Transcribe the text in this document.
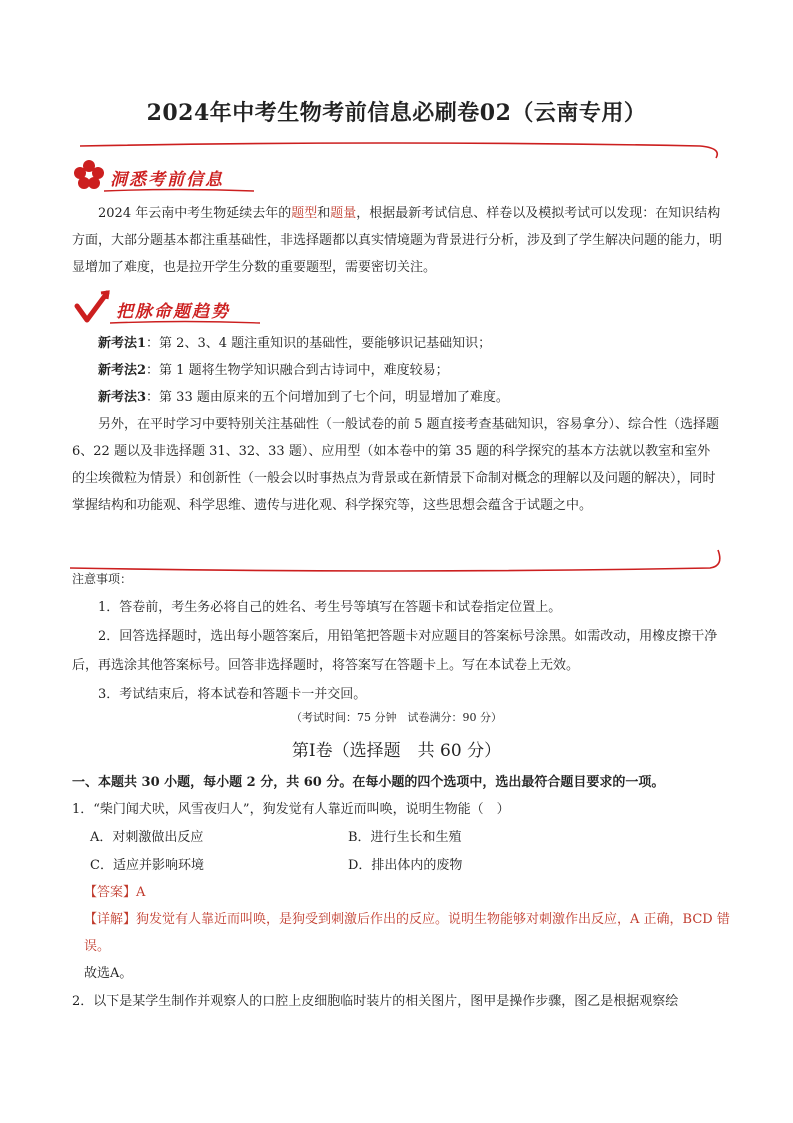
2024年中考生物考前信息必刷卷02（云南专用）
洞悉考前信息
2024 年云南中考生物延续去年的题型和题量，根据最新考试信息、样卷以及模拟考试可以发现：在知识结构方面，大部分题基本都注重基础性，非选择题都以真实情境题为背景进行分析，涉及到了学生解决问题的能力，明显增加了难度，也是拉开学生分数的重要题型，需要密切关注。
把脉命题趋势
新考法1：第 2、3、4 题注重知识的基础性，要能够识记基础知识；
新考法2：第 1 题将生物学知识融合到古诗词中，难度较易；
新考法3：第 33 题由原来的五个问增加到了七个问，明显增加了难度。
另外，在平时学习中要特别关注基础性（一般试卷的前 5 题直接考查基础知识，容易拿分）、综合性（选择题 6、22 题以及非选择题 31、32、33 题）、应用型（如本卷中的第 35 题的科学探究的基本方法就以教室和室外的尘埃微粒为情景）和创新性（一般会以时事热点为背景或在新情景下命制对概念的理解以及问题的解决），同时掌握结构和功能观、科学思维、遗传与进化观、科学探究等，这些思想会蕴含于试题之中。
注意事项：
1．答卷前，考生务必将自己的姓名、考生号等填写在答题卡和试卷指定位置上。
2．回答选择题时，选出每小题答案后，用铅笔把答题卡对应题目的答案标号涂黑。如需改动，用橡皮擦干净后，再选涂其他答案标号。回答非选择题时，将答案写在答题卡上。写在本试卷上无效。
3．考试结束后，将本试卷和答题卡一并交回。
（考试时间：75 分钟　试卷满分：90 分）
第Ⅰ卷（选择题　共 60 分）
一、本题共 30 小题，每小题 2 分，共 60 分。在每小题的四个选项中，选出最符合题目要求的一项。
1．“柴门闻犬吠，风雪夜归人”，狗发觉有人靠近而叫唤，说明生物能（　）
A．对刺激做出反应	B．进行生长和生殖
C．适应并影响环境	D．排出体内的废物
【答案】A
【详解】狗发觉有人靠近而叫唤，是狗受到刺激后作出的反应。说明生物能够对刺激作出反应，A 正确，BCD 错误。
故选A。
2．以下是某学生制作并观察人的口腔上皮细胞临时装片的相关图片，图甲是操作步骤，图乙是根据观察绘
